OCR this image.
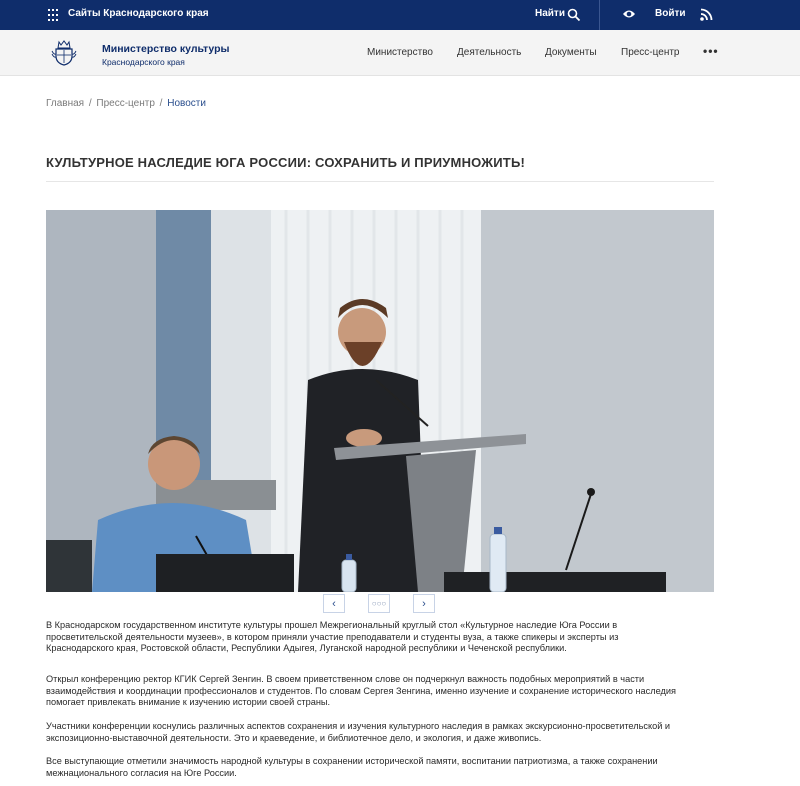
Сайты Краснодарского края	Найти	Войти
Министерство культуры
Краснодарского края
Министерство Деятельность Документы Пресс-центр •••
Главная / Пресс-центр / Новости
КУЛЬТУРНОЕ НАСЛЕДИЕ ЮГА РОССИИ: СОХРАНИТЬ И ПРИУМНОЖИТЬ!
‹	○○○	›
В Краснодарском государственном институте культуры прошел Межрегиональный круглый стол «Культурное наследие Юга России в
просветительской деятельности музеев», в котором приняли участие преподаватели и студенты вуза, а также спикеры и эксперты из
Краснодарского края, Ростовской области, Республики Адыгея, Луганской народной республики и Чеченской республики.
Открыл конференцию ректор КГИК Сергей Зенгин. В своем приветственном слове он подчеркнул важность подобных мероприятий в части
взаимодействия и координации профессионалов и студентов. По словам Сергея Зенгина, именно изучение и сохранение исторического наследия
помогает привлекать внимание к изучению истории своей страны.
Участники конференции коснулись различных аспектов сохранения и изучения культурного наследия в рамках экскурсионно-просветительской и
экспозиционно-выставочной деятельности. Это и краеведение, и библиотечное дело, и экология, и даже живопись.
Все выступающие отметили значимость народной культуры в сохранении исторической памяти, воспитании патриотизма, а также сохранении
межнационального согласия на Юге России.
